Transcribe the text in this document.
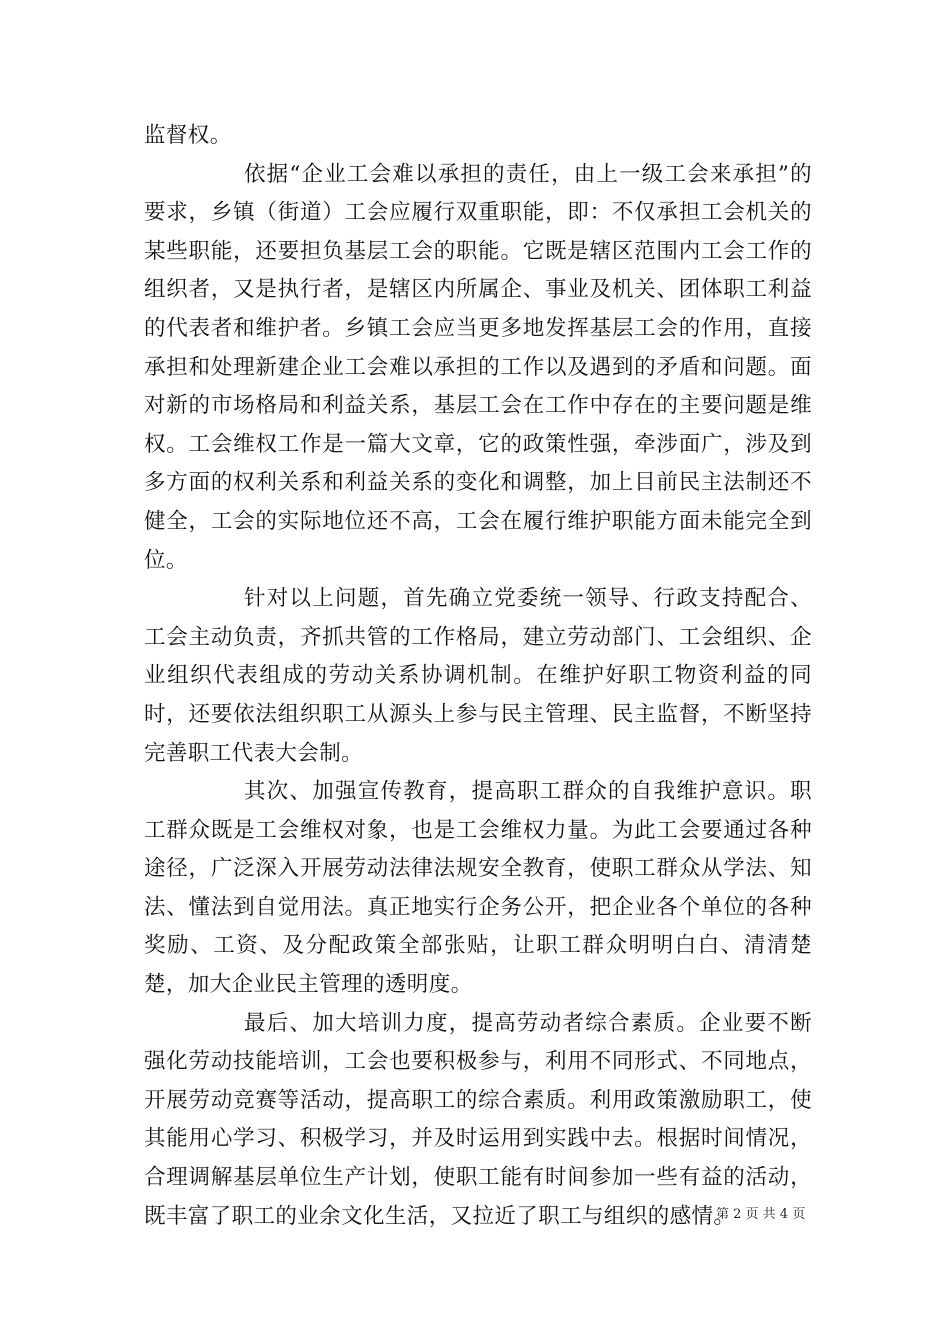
监督权。

依据“企业工会难以承担的责任，由上一级工会来承担”的要求，乡镇（街道）工会应履行双重职能，即：不仅承担工会机关的某些职能，还要担负基层工会的职能。它既是辖区范围内工会工作的组织者，又是执行者，是辖区内所属企、事业及机关、团体职工利益的代表者和维护者。乡镇工会应当更多地发挥基层工会的作用，直接承担和处理新建企业工会难以承担的工作以及遇到的矛盾和问题。面对新的市场格局和利益关系，基层工会在工作中存在的主要问题是维权。工会维权工作是一篇大文章，它的政策性强，牵涉面广，涉及到多方面的权利关系和利益关系的变化和调整，加上目前民主法制还不健全，工会的实际地位还不高，工会在履行维护职能方面未能完全到位。

针对以上问题，首先确立党委统一领导、行政支持配合、工会主动负责，齐抓共管的工作格局，建立劳动部门、工会组织、企业组织代表组成的劳动关系协调机制。在维护好职工物资利益的同时，还要依法组织职工从源头上参与民主管理、民主监督，不断坚持完善职工代表大会制。

其次、加强宣传教育，提高职工群众的自我维护意识。职工群众既是工会维权对象，也是工会维权力量。为此工会要通过各种途径，广泛深入开展劳动法律法规安全教育，使职工群众从学法、知法、懂法到自觉用法。真正地实行企务公开，把企业各个单位的各种奖励、工资、及分配政策全部张贴，让职工群众明明白白、清清楚楚，加大企业民主管理的透明度。

最后、加大培训力度，提高劳动者综合素质。企业要不断强化劳动技能培训，工会也要积极参与，利用不同形式、不同地点，开展劳动竞赛等活动，提高职工的综合素质。利用政策激励职工，使其能用心学习、积极学习，并及时运用到实践中去。根据时间情况，合理调解基层单位生产计划，使职工能有时间参加一些有益的活动，既丰富了职工的业余文化生活，又拉近了职工与组织的感情。

第 2 页 共 4 页
